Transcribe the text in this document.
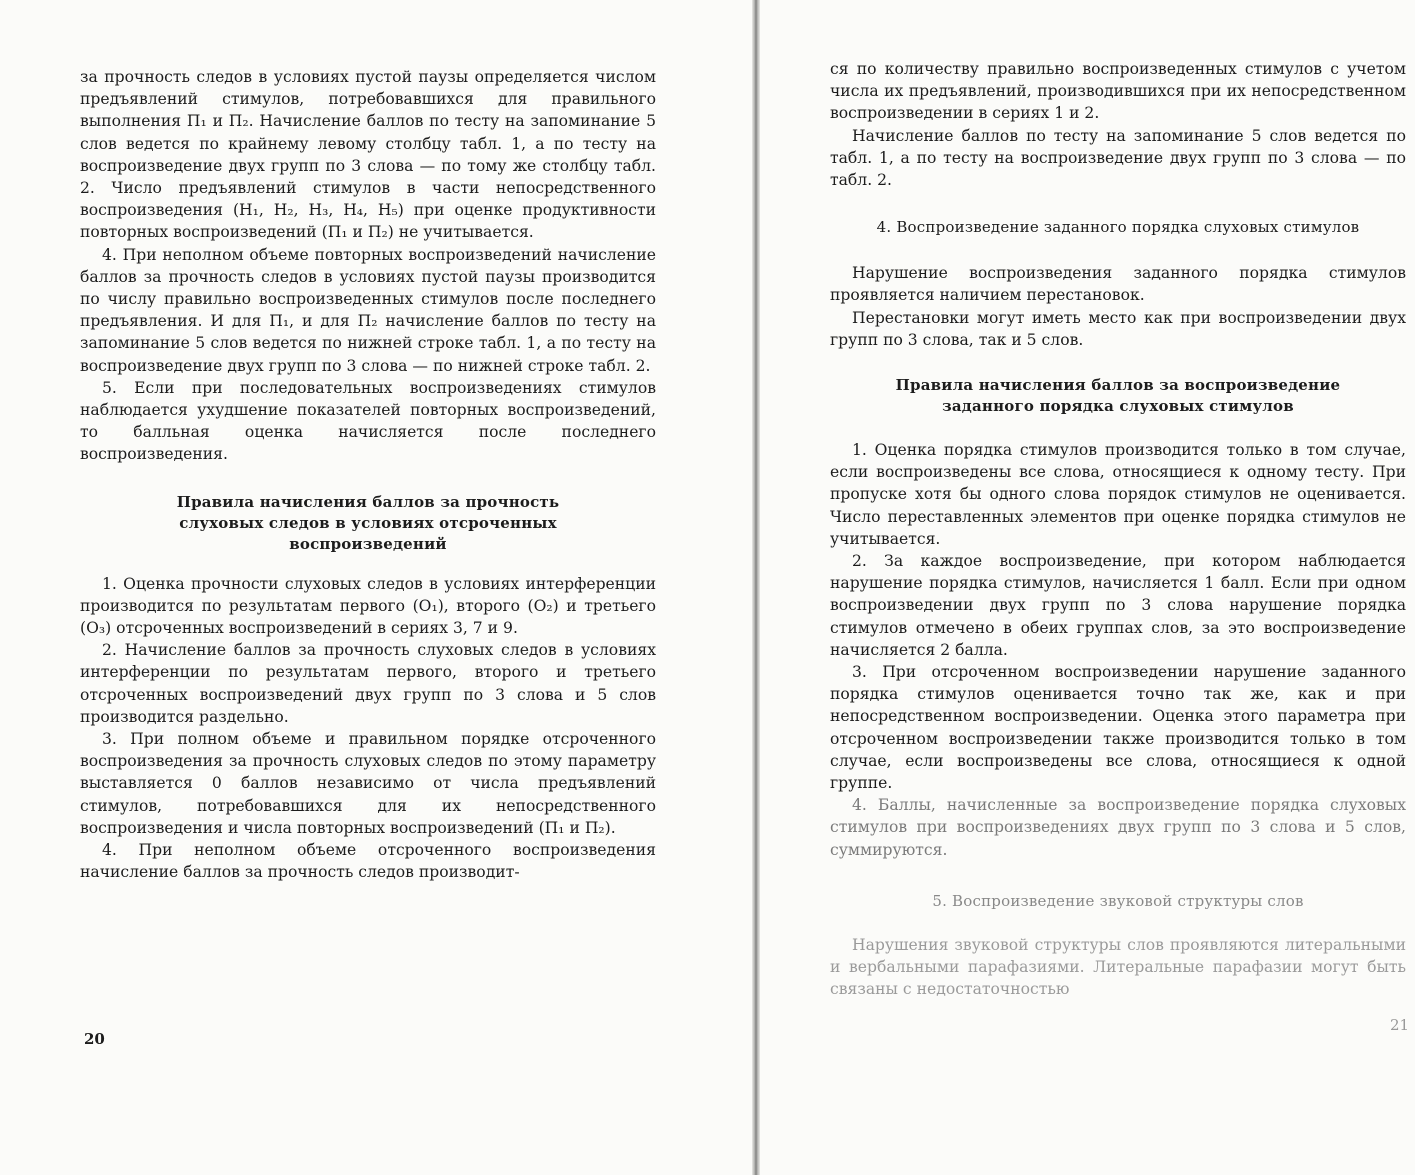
за прочность следов в условиях пустой паузы определяется числом предъявлений стимулов, потребовавшихся для правильного выполнения П₁ и П₂. Начисление баллов по тесту на запоминание 5 слов ведется по крайнему левому столбцу табл. 1, а по тесту на воспроизведение двух групп по 3 слова — по тому же столбцу табл. 2. Число предъявлений стимулов в части непосредственного воспроизведения (Н₁, Н₂, Н₃, Н₄, Н₅) при оценке продуктивности повторных воспроизведений (П₁ и П₂) не учитывается.

4. При неполном объеме повторных воспроизведений начисление баллов за прочность следов в условиях пустой паузы производится по числу правильно воспроизведенных стимулов после последнего предъявления. И для П₁, и для П₂ начисление баллов по тесту на запоминание 5 слов ведется по нижней строке табл. 1, а по тесту на воспроизведение двух групп по 3 слова — по нижней строке табл. 2.

5. Если при последовательных воспроизведениях стимулов наблюдается ухудшение показателей повторных воспроизведений, то балльная оценка начисляется после последнего воспроизведения.

Правила начисления баллов за прочность слуховых следов в условиях отсроченных воспроизведений

1. Оценка прочности слуховых следов в условиях интерференции производится по результатам первого (О₁), второго (О₂) и третьего (О₃) отсроченных воспроизведений в сериях 3, 7 и 9.

2. Начисление баллов за прочность слуховых следов в условиях интерференции по результатам первого, второго и третьего отсроченных воспроизведений двух групп по 3 слова и 5 слов производится раздельно.

3. При полном объеме и правильном порядке отсроченного воспроизведения за прочность слуховых следов по этому параметру выставляется 0 баллов независимо от числа предъявлений стимулов, потребовавшихся для их непосредственного воспроизведения и числа повторных воспроизведений (П₁ и П₂).

4. При неполном объеме отсроченного воспроизведения начисление баллов за прочность следов производит-

20

ся по количеству правильно воспроизведенных стимулов с учетом числа их предъявлений, производившихся при их непосредственном воспроизведении в сериях 1 и 2.

Начисление баллов по тесту на запоминание 5 слов ведется по табл. 1, а по тесту на воспроизведение двух групп по 3 слова — по табл. 2.

4. Воспроизведение заданного порядка слуховых стимулов

Нарушение воспроизведения заданного порядка стимулов проявляется наличием перестановок.

Перестановки могут иметь место как при воспроизведении двух групп по 3 слова, так и 5 слов.

Правила начисления баллов за воспроизведение заданного порядка слуховых стимулов

1. Оценка порядка стимулов производится только в том случае, если воспроизведены все слова, относящиеся к одному тесту. При пропуске хотя бы одного слова порядок стимулов не оценивается. Число переставленных элементов при оценке порядка стимулов не учитывается.

2. За каждое воспроизведение, при котором наблюдается нарушение порядка стимулов, начисляется 1 балл. Если при одном воспроизведении двух групп по 3 слова нарушение порядка стимулов отмечено в обеих группах слов, за это воспроизведение начисляется 2 балла.

3. При отсроченном воспроизведении нарушение заданного порядка стимулов оценивается точно так же, как и при непосредственном воспроизведении. Оценка этого параметра при отсроченном воспроизведении также производится только в том случае, если воспроизведены все слова, относящиеся к одной группе.

4. Баллы, начисленные за воспроизведение порядка слуховых стимулов при воспроизведениях двух групп по 3 слова и 5 слов, суммируются.

5. Воспроизведение звуковой структуры слов

Нарушения звуковой структуры слов проявляются литеральными и вербальными парафазиями. Литеральные парафазии могут быть связаны с недостаточностью

21
